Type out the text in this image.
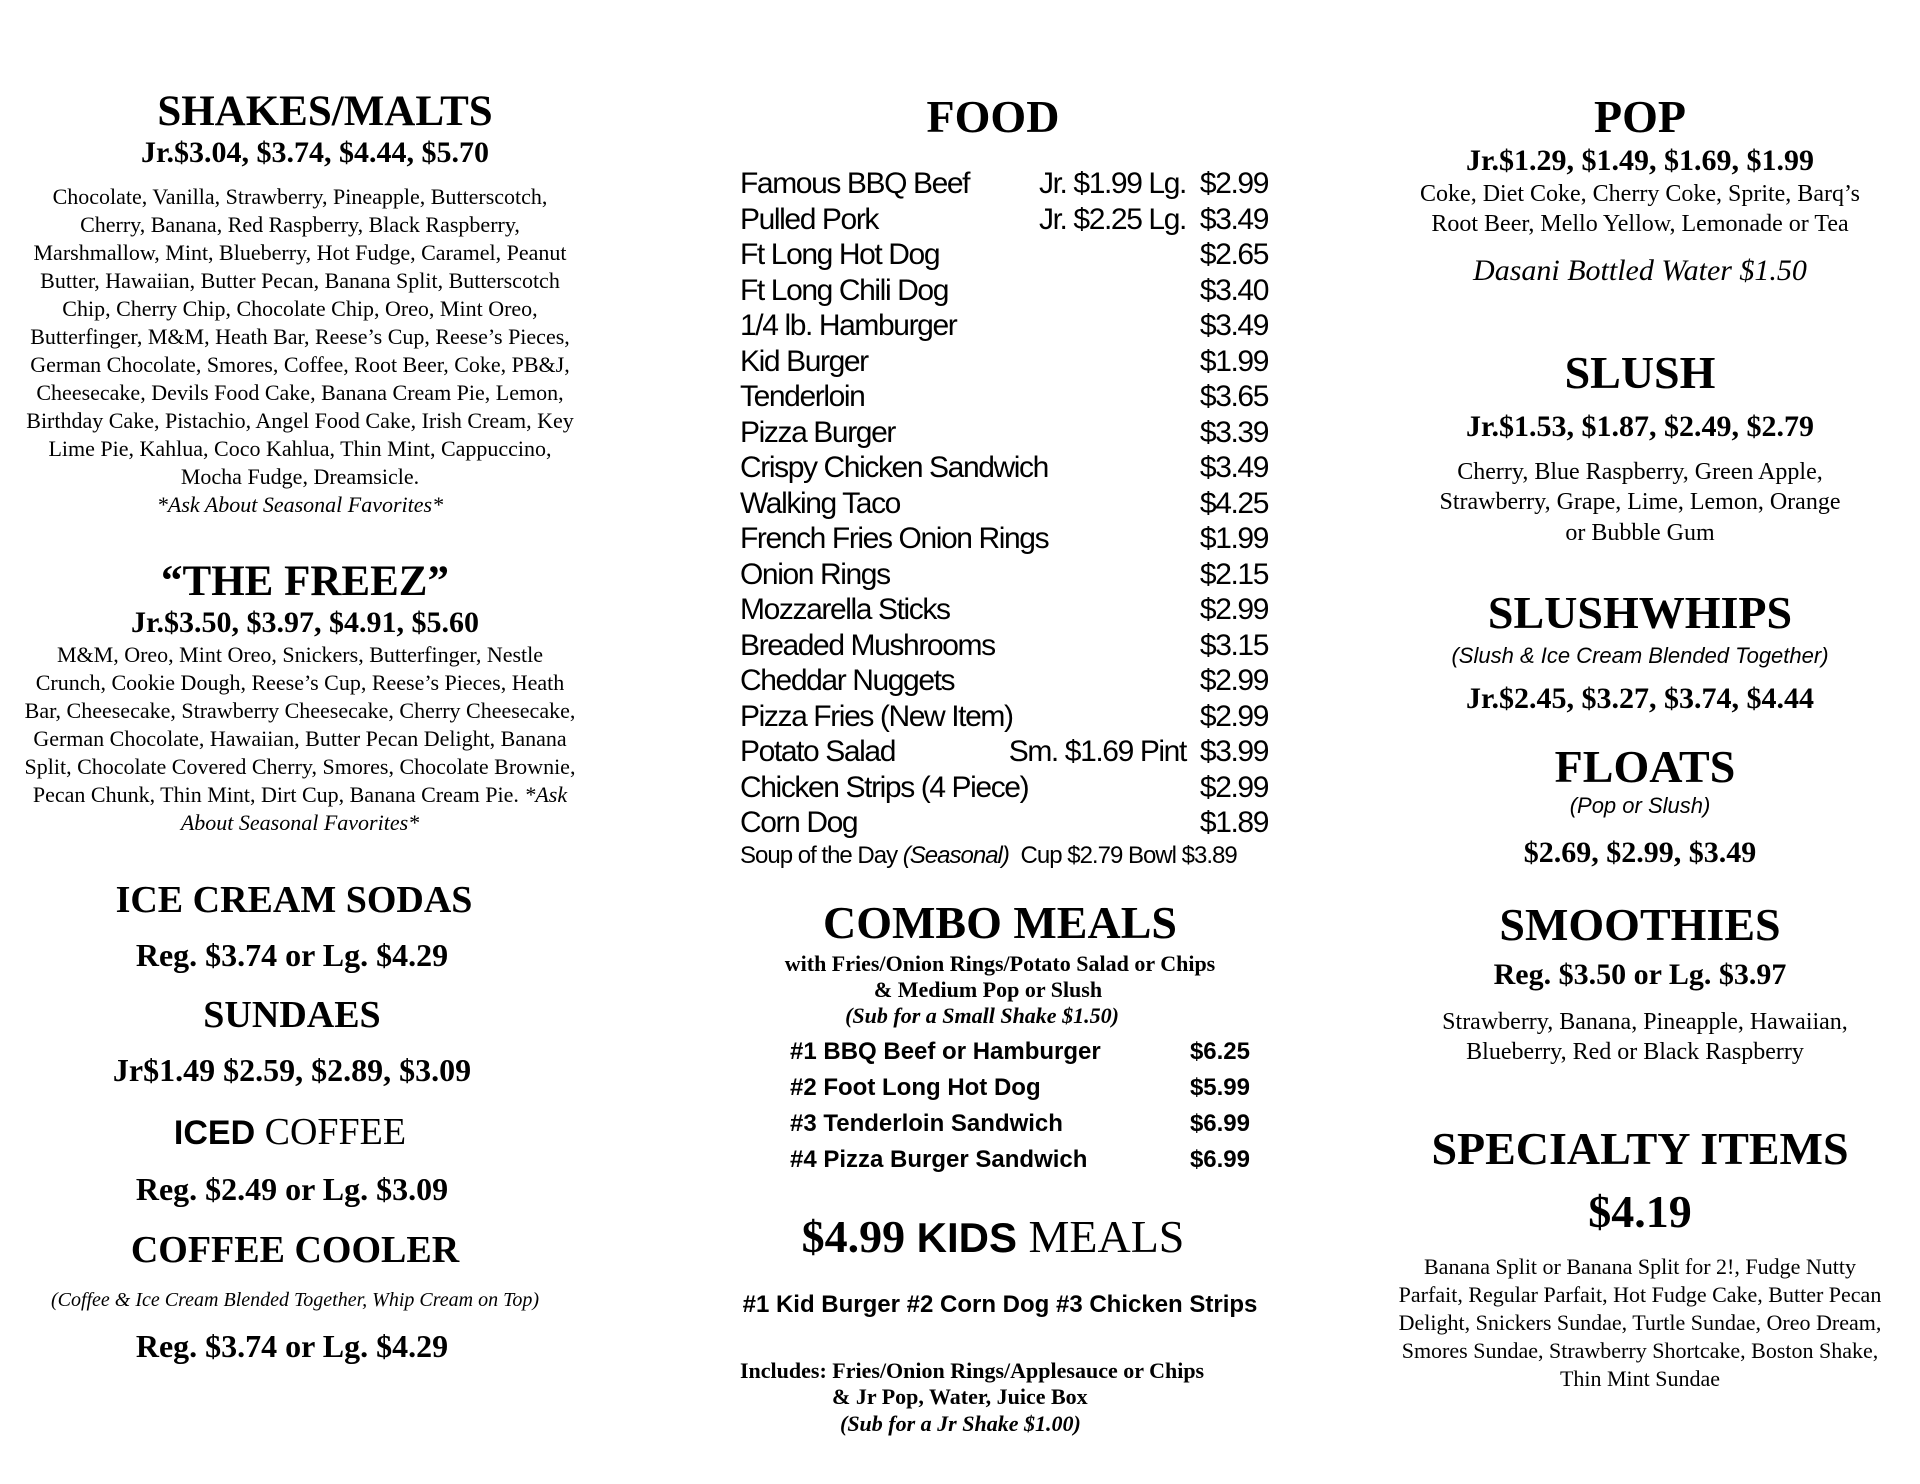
SHAKES/MALTS
Jr.$3.04, $3.74, $4.44, $5.70
Chocolate, Vanilla, Strawberry, Pineapple, Butterscotch, Cherry, Banana, Red Raspberry, Black Raspberry, Marshmallow, Mint, Blueberry, Hot Fudge, Caramel, Peanut Butter, Hawaiian, Butter Pecan, Banana Split, Butterscotch Chip, Cherry Chip, Chocolate Chip, Oreo, Mint Oreo, Butterfinger, M&M, Heath Bar, Reese’s Cup, Reese’s Pieces, German Chocolate, Smores, Coffee, Root Beer, Coke, PB&J, Cheesecake, Devils Food Cake, Banana Cream Pie, Lemon, Birthday Cake, Pistachio, Angel Food Cake, Irish Cream, Key Lime Pie, Kahlua, Coco Kahlua, Thin Mint, Cappuccino, Mocha Fudge, Dreamsicle.
*Ask About Seasonal Favorites*
“THE FREEZ”
Jr.$3.50, $3.97, $4.91, $5.60
M&M, Oreo, Mint Oreo, Snickers, Butterfinger, Nestle Crunch, Cookie Dough, Reese’s Cup, Reese’s Pieces, Heath Bar, Cheesecake, Strawberry Cheesecake, Cherry Cheesecake, German Chocolate, Hawaiian, Butter Pecan Delight, Banana Split, Chocolate Covered Cherry, Smores, Chocolate Brownie, Pecan Chunk, Thin Mint, Dirt Cup, Banana Cream Pie. *Ask About Seasonal Favorites*
ICE CREAM SODAS
Reg. $3.74 or Lg. $4.29
SUNDAES
Jr$1.49 $2.59, $2.89, $3.09
ICED COFFEE
Reg. $2.49 or Lg. $3.09
COFFEE COOLER
(Coffee & Ice Cream Blended Together, Whip Cream on Top)
Reg. $3.74 or Lg. $4.29
FOOD
Famous BBQ Beef	Jr. $1.99 Lg. $2.99
Pulled Pork	Jr. $2.25 Lg. $3.49
Ft Long Hot Dog	$2.65
Ft Long Chili Dog	$3.40
1/4 lb. Hamburger	$3.49
Kid Burger	$1.99
Tenderloin	$3.65
Pizza Burger	$3.39
Crispy Chicken Sandwich	$3.49
Walking Taco	$4.25
French Fries Onion Rings	$1.99
Onion Rings	$2.15
Mozzarella Sticks	$2.99
Breaded Mushrooms	$3.15
Cheddar Nuggets	$2.99
Pizza Fries (New Item)	$2.99
Potato Salad	Sm. $1.69 Pint $3.99
Chicken Strips (4 Piece)	$2.99
Corn Dog	$1.89
Soup of the Day (Seasonal) Cup $2.79 Bowl $3.89
COMBO MEALS
with Fries/Onion Rings/Potato Salad or Chips
& Medium Pop or Slush
(Sub for a Small Shake $1.50)
#1 BBQ Beef or Hamburger	$6.25
#2 Foot Long Hot Dog	$5.99
#3 Tenderloin Sandwich	$6.99
#4 Pizza Burger Sandwich	$6.99
$4.99 KIDS MEALS
#1 Kid Burger #2 Corn Dog #3 Chicken Strips
Includes: Fries/Onion Rings/Applesauce or Chips
& Jr Pop, Water, Juice Box
(Sub for a Jr Shake $1.00)
POP
Jr.$1.29, $1.49, $1.69, $1.99
Coke, Diet Coke, Cherry Coke, Sprite, Barq’s
Root Beer, Mello Yellow, Lemonade or Tea
Dasani Bottled Water $1.50
SLUSH
Jr.$1.53, $1.87, $2.49, $2.79
Cherry, Blue Raspberry, Green Apple, Strawberry, Grape, Lime, Lemon, Orange or Bubble Gum
SLUSHWHIPS
(Slush & Ice Cream Blended Together)
Jr.$2.45, $3.27, $3.74, $4.44
FLOATS
(Pop or Slush)
$2.69, $2.99, $3.49
SMOOTHIES
Reg. $3.50 or Lg. $3.97
Strawberry, Banana, Pineapple, Hawaiian,
Blueberry, Red or Black Raspberry
SPECIALTY ITEMS
$4.19
Banana Split or Banana Split for 2!, Fudge Nutty Parfait, Regular Parfait, Hot Fudge Cake, Butter Pecan Delight, Snickers Sundae, Turtle Sundae, Oreo Dream, Smores Sundae, Strawberry Shortcake, Boston Shake, Thin Mint Sundae
